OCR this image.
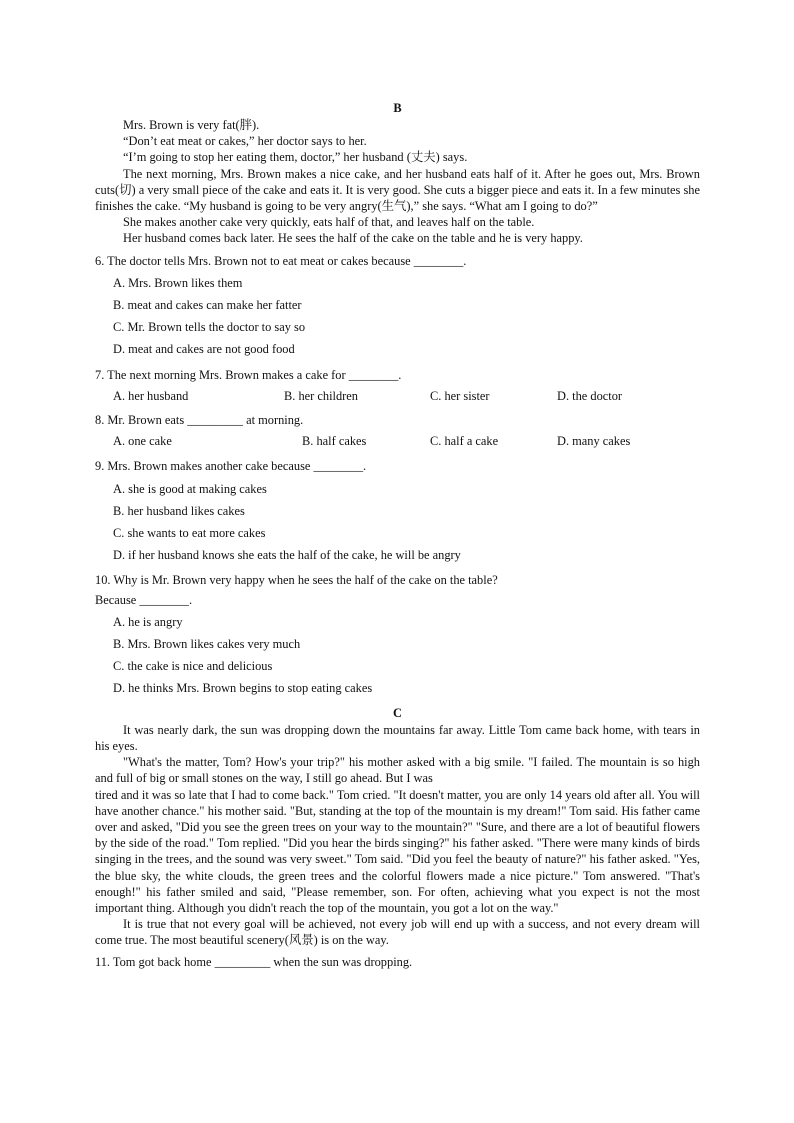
B

Mrs. Brown is very fat(胖).

“Don’t eat meat or cakes,” her doctor says to her.

“I’m going to stop her eating them, doctor,” her husband (丈夫) says.

The next morning, Mrs. Brown makes a nice cake, and her husband eats half of it. After he goes out, Mrs. Brown cuts(切) a very small piece of the cake and eats it. It is very good. She cuts a bigger piece and eats it. In a few minutes she finishes the cake. “My husband is going to be very angry(生气),” she says. “What am I going to do?”

She makes another cake very quickly, eats half of that, and leaves half on the table.

Her husband comes back later. He sees the half of the cake on the table and he is very happy.

6. The doctor tells Mrs. Brown not to eat meat or cakes because ________.

A. Mrs. Brown likes them

B. meat and cakes can make her fatter

C. Mr. Brown tells the doctor to say so

D. meat and cakes are not good food

7. The next morning Mrs. Brown makes a cake for ________.

A. her husband	B. her children	C. her sister	D. the doctor

8. Mr. Brown eats _________ at morning.

A. one cake	B. half cakes	C. half a cake	D. many cakes

9. Mrs. Brown makes another cake because ________.

A. she is good at making cakes

B. her husband likes cakes

C. she wants to eat more cakes

D. if her husband knows she eats the half of the cake, he will be angry

10. Why is Mr. Brown very happy when he sees the half of the cake on the table?

Because ________.

A. he is angry

B. Mrs. Brown likes cakes very much

C. the cake is nice and delicious

D. he thinks Mrs. Brown begins to stop eating cakes

C

It was nearly dark, the sun was dropping down the mountains far away. Little Tom came back home, with tears in his eyes.

"What's the matter, Tom? How's your trip?" his mother asked with a big smile. "I failed. The mountain is so high and full of big or small stones on the way, I still go ahead. But I was

tired and it was so late that I had to come back." Tom cried. "It doesn't matter, you are only 14 years old after all. You will have another chance." his mother said. "But, standing at the top of the mountain is my dream!" Tom said. His father came over and asked, "Did you see the green trees on your way to the mountain?" "Sure, and there are a lot of beautiful flowers by the side of the road." Tom replied. "Did you hear the birds singing?" his father asked. "There were many kinds of birds singing in the trees, and the sound was very sweet." Tom said. "Did you feel the beauty of nature?" his father asked. "Yes, the blue sky, the white clouds, the green trees and the colorful flowers made a nice picture." Tom answered. "That's enough!" his father smiled and said, "Please remember, son. For often, achieving what you expect is not the most important thing. Although you didn't reach the top of the mountain, you got a lot on the way."

It is true that not every goal will be achieved, not every job will end up with a success, and not every dream will come true. The most beautiful scenery(风景) is on the way.

11. Tom got back home _________ when the sun was dropping.
